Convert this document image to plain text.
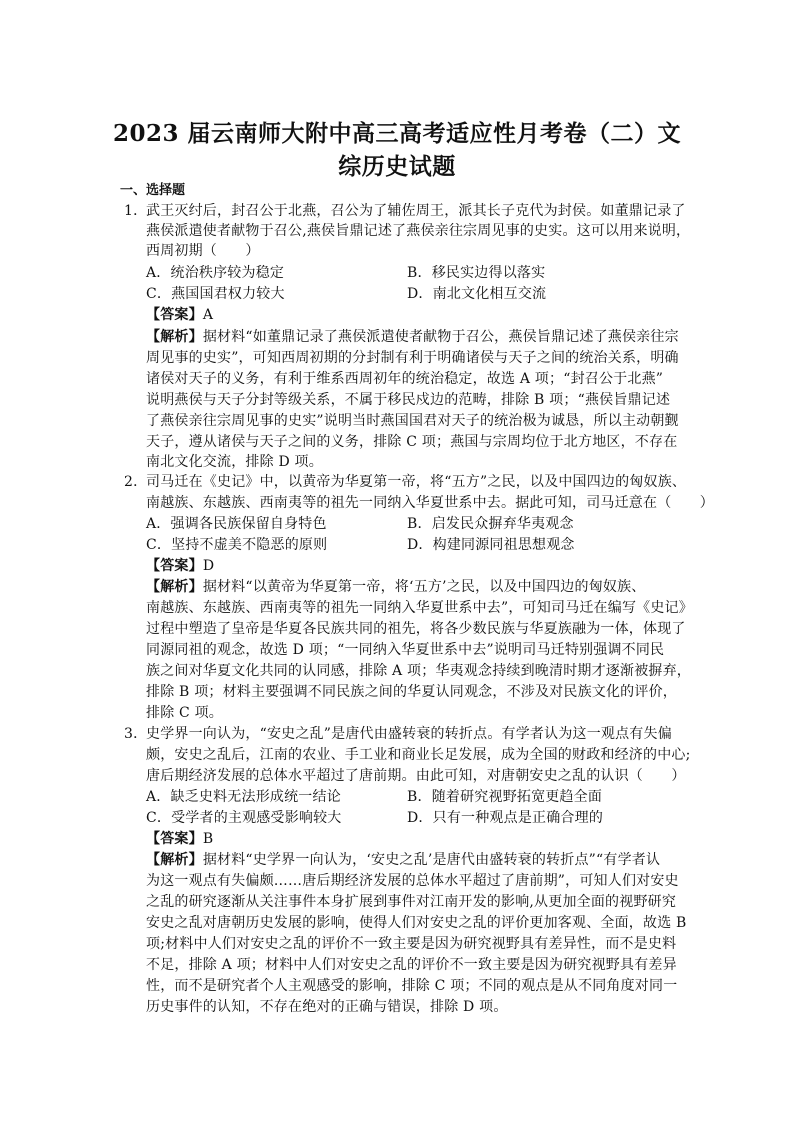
2023 届云南师大附中高三高考适应性月考卷（二）文
综历史试题
一、选择题
1．
武王灭纣后，封召公于北燕，召公为了辅佐周王，派其长子克代为封侯。如董鼎记录了
燕侯派遣使者献物于召公,燕侯旨鼎记述了燕侯亲往宗周见事的史实。这可以用来说明，
西周初期（　　）
A．统治秩序较为稳定	B．移民实边得以落实
C．燕国国君权力较大	D．南北文化相互交流
【答案】A
【解析】据材料“如董鼎记录了燕侯派遣使者献物于召公，燕侯旨鼎记述了燕侯亲往宗
周见事的史实”，可知西周初期的分封制有利于明确诸侯与天子之间的统治关系，明确
诸侯对天子的义务，有利于维系西周初年的统治稳定，故选 A 项；“封召公于北燕”
说明燕侯与天子分封等级关系，不属于移民戍边的范畴，排除 B 项；“燕侯旨鼎记述
了燕侯亲往宗周见事的史实”说明当时燕国国君对天子的统治极为诚恳，所以主动朝觐
天子，遵从诸侯与天子之间的义务，排除 C 项；燕国与宗周均位于北方地区，不存在
南北文化交流，排除 D 项。
2．
司马迁在《史记》中，以黄帝为华夏第一帝，将“五方”之民，以及中国四边的匈奴族、
南越族、东越族、西南夷等的祖先一同纳入华夏世系中去。据此可知，司马迁意在（　　）
A．强调各民族保留自身特色	B．启发民众摒弃华夷观念
C．坚持不虚美不隐恶的原则	D．构建同源同祖思想观念
【答案】D
【解析】据材料“以黄帝为华夏第一帝，将‘五方’之民，以及中国四边的匈奴族、
南越族、东越族、西南夷等的祖先一同纳入华夏世系中去”，可知司马迁在编写《史记》
过程中塑造了皇帝是华夏各民族共同的祖先，将各少数民族与华夏族融为一体，体现了
同源同祖的观念，故选 D 项；“一同纳入华夏世系中去”说明司马迁特别强调不同民
族之间对华夏文化共同的认同感，排除 A 项；华夷观念持续到晚清时期才逐渐被摒弃，
排除 B 项；材料主要强调不同民族之间的华夏认同观念，不涉及对民族文化的评价，
排除 C 项。
3．
史学界一向认为，“安史之乱”是唐代由盛转衰的转折点。有学者认为这一观点有失偏
颇，安史之乱后，江南的农业、手工业和商业长足发展，成为全国的财政和经济的中心;
唐后期经济发展的总体水平超过了唐前期。由此可知，对唐朝安史之乱的认识（　　）
A．缺乏史料无法形成统一结论	B．随着研究视野拓宽更趋全面
C．受学者的主观感受影响较大	D．只有一种观点是正确合理的
【答案】B
【解析】据材料“史学界一向认为，‘安史之乱’是唐代由盛转衰的转折点”“有学者认
为这一观点有失偏颇……唐后期经济发展的总体水平超过了唐前期”，可知人们对安史
之乱的研究逐渐从关注事件本身扩展到事件对江南开发的影响,从更加全面的视野研究
安史之乱对唐朝历史发展的影响，使得人们对安史之乱的评价更加客观、全面，故选 B
项;材料中人们对安史之乱的评价不一致主要是因为研究视野具有差异性，而不是史料
不足，排除 A 项；材料中人们对安史之乱的评价不一致主要是因为研究视野具有差异
性，而不是研究者个人主观感受的影响，排除 C 项；不同的观点是从不同角度对同一
历史事件的认知，不存在绝对的正确与错误，排除 D 项。
